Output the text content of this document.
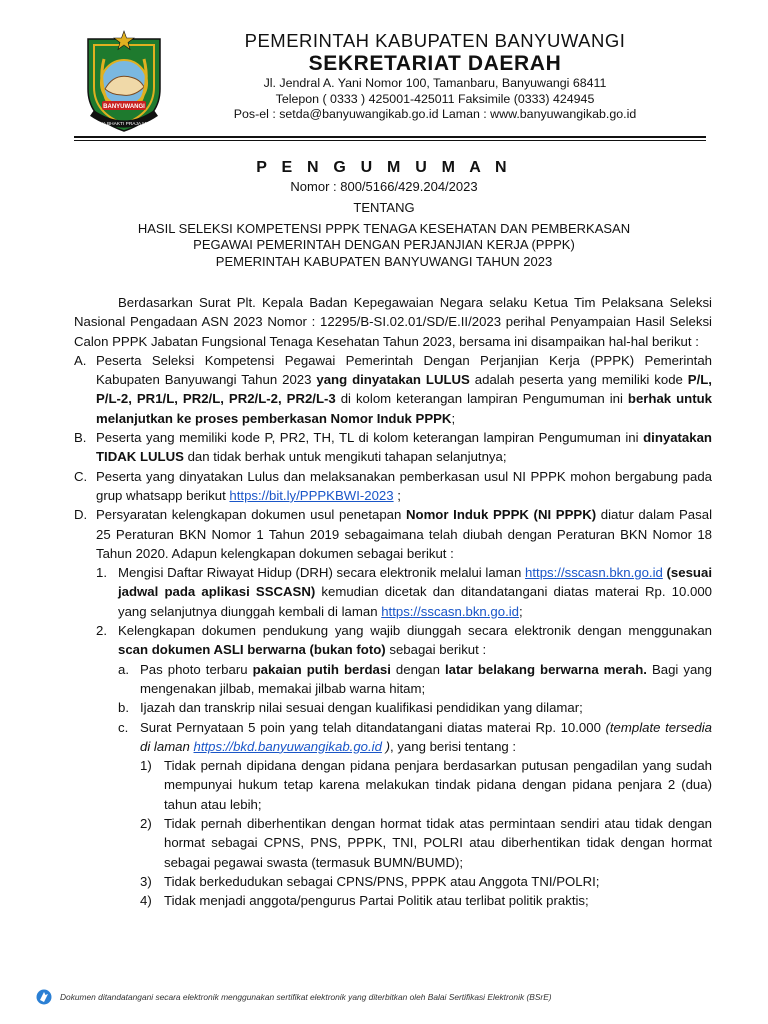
BANYUWANGI
SATYA BHAKTI PRAJA MUKTI
PEMERINTAH KABUPATEN BANYUWANGI
SEKRETARIAT DAERAH
Jl. Jendral A. Yani Nomor 100, Tamanbaru, Banyuwangi 68411
Telepon ( 0333 ) 425001-425011 Faksimile (0333) 424945
Pos-el : setda@banyuwangikab.go.id Laman : www.banyuwangikab.go.id
P E N G U M U M A N
Nomor : 800/5166/429.204/2023
TENTANG
HASIL SELEKSI KOMPETENSI PPPK TENAGA KESEHATAN DAN PEMBERKASAN
PEGAWAI PEMERINTAH DENGAN PERJANJIAN KERJA (PPPK)
PEMERINTAH KABUPATEN BANYUWANGI TAHUN 2023
Berdasarkan Surat Plt. Kepala Badan Kepegawaian Negara selaku Ketua Tim Pelaksana Seleksi Nasional Pengadaan ASN 2023 Nomor : 12295/B-SI.02.01/SD/E.II/2023 perihal Penyampaian Hasil Seleksi Calon PPPK Jabatan Fungsional Tenaga Kesehatan Tahun 2023, bersama ini disampaikan hal-hal berikut :
A. Peserta Seleksi Kompetensi Pegawai Pemerintah Dengan Perjanjian Kerja (PPPK) Pemerintah Kabupaten Banyuwangi Tahun 2023 yang dinyatakan LULUS adalah peserta yang memiliki kode P/L, P/L-2, PR1/L, PR2/L, PR2/L-2, PR2/L-3 di kolom keterangan lampiran Pengumuman ini berhak untuk melanjutkan ke proses pemberkasan Nomor Induk PPPK;
B. Peserta yang memiliki kode P, PR2, TH, TL di kolom keterangan lampiran Pengumuman ini dinyatakan TIDAK LULUS dan tidak berhak untuk mengikuti tahapan selanjutnya;
C. Peserta yang dinyatakan Lulus dan melaksanakan pemberkasan usul NI PPPK mohon bergabung pada grup whatsapp berikut https://bit.ly/PPPKBWI-2023 ;
D. Persyaratan kelengkapan dokumen usul penetapan Nomor Induk PPPK (NI PPPK) diatur dalam Pasal 25 Peraturan BKN Nomor 1 Tahun 2019 sebagaimana telah diubah dengan Peraturan BKN Nomor 18 Tahun 2020. Adapun kelengkapan dokumen sebagai berikut :
1. Mengisi Daftar Riwayat Hidup (DRH) secara elektronik melalui laman https://sscasn.bkn.go.id (sesuai jadwal pada aplikasi SSCASN) kemudian dicetak dan ditandatangani diatas materai Rp. 10.000 yang selanjutnya diunggah kembali di laman https://sscasn.bkn.go.id;
2. Kelengkapan dokumen pendukung yang wajib diunggah secara elektronik dengan menggunakan scan dokumen ASLI berwarna (bukan foto) sebagai berikut :
a. Pas photo terbaru pakaian putih berdasi dengan latar belakang berwarna merah. Bagi yang mengenakan jilbab, memakai jilbab warna hitam;
b. Ijazah dan transkrip nilai sesuai dengan kualifikasi pendidikan yang dilamar;
c. Surat Pernyataan 5 poin yang telah ditandatangani diatas materai Rp. 10.000 (template tersedia di laman https://bkd.banyuwangikab.go.id ), yang berisi tentang :
1) Tidak pernah dipidana dengan pidana penjara berdasarkan putusan pengadilan yang sudah mempunyai hukum tetap karena melakukan tindak pidana dengan pidana penjara 2 (dua) tahun atau lebih;
2) Tidak pernah diberhentikan dengan hormat tidak atas permintaan sendiri atau tidak dengan hormat sebagai CPNS, PNS, PPPK, TNI, POLRI atau diberhentikan tidak dengan hormat sebagai pegawai swasta (termasuk BUMN/BUMD);
3) Tidak berkedudukan sebagai CPNS/PNS, PPPK atau Anggota TNI/POLRI;
4) Tidak menjadi anggota/pengurus Partai Politik atau terlibat politik praktis;
Dokumen ditandatangani secara elektronik menggunakan sertifikat elektronik yang diterbitkan oleh Balai Sertifikasi Elektronik (BSrE)
